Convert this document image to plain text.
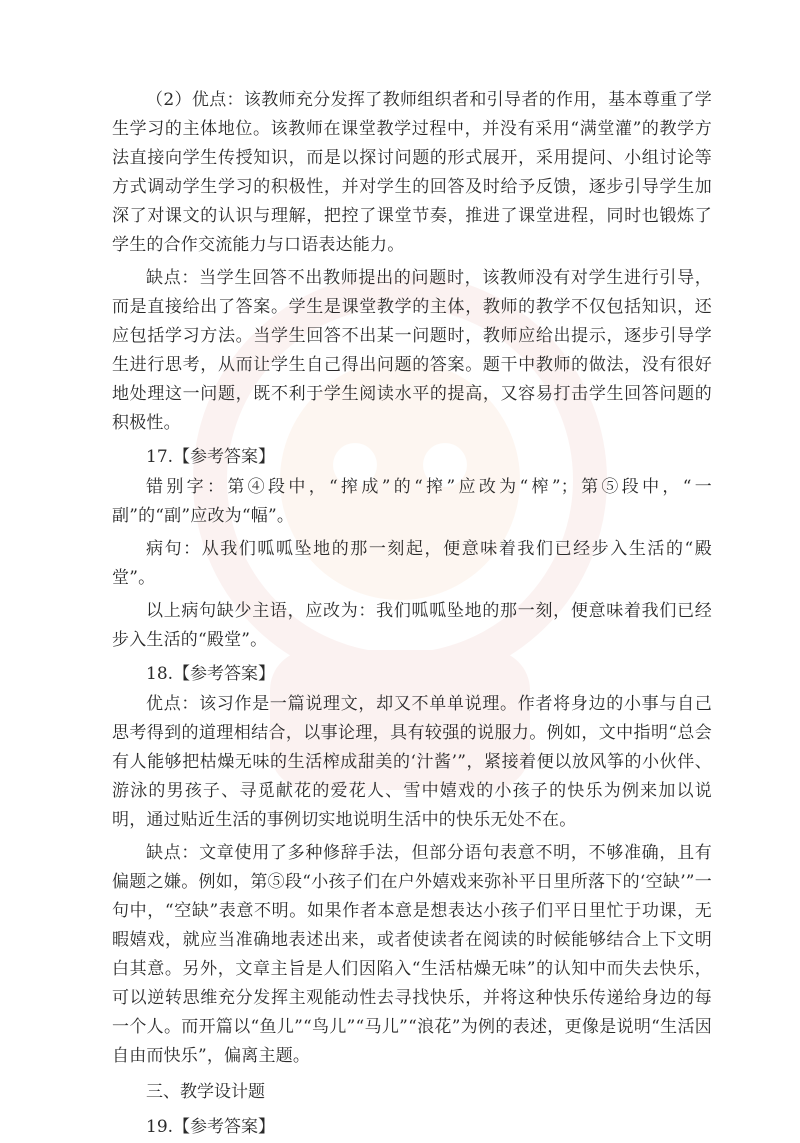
（2）优点：该教师充分发挥了教师组织者和引导者的作用，基本尊重了学生学习的主体地位。该教师在课堂教学过程中，并没有采用“满堂灌”的教学方法直接向学生传授知识，而是以探讨问题的形式展开，采用提问、小组讨论等方式调动学生学习的积极性，并对学生的回答及时给予反馈，逐步引导学生加深了对课文的认识与理解，把控了课堂节奏，推进了课堂进程，同时也锻炼了学生的合作交流能力与口语表达能力。

缺点：当学生回答不出教师提出的问题时，该教师没有对学生进行引导，而是直接给出了答案。学生是课堂教学的主体，教师的教学不仅包括知识，还应包括学习方法。当学生回答不出某一问题时，教师应给出提示，逐步引导学生进行思考，从而让学生自己得出问题的答案。题干中教师的做法，没有很好地处理这一问题，既不利于学生阅读水平的提高，又容易打击学生回答问题的积极性。

17.【参考答案】

错别字：第④段中，“搾成”的“搾”应改为“榨”；第⑤段中，“一副”的“副”应改为“幅”。

病句：从我们呱呱坠地的那一刻起，便意味着我们已经步入生活的“殿堂”。

以上病句缺少主语，应改为：我们呱呱坠地的那一刻，便意味着我们已经步入生活的“殿堂”。

18.【参考答案】

优点：该习作是一篇说理文，却又不单单说理。作者将身边的小事与自己思考得到的道理相结合，以事论理，具有较强的说服力。例如，文中指明“总会有人能够把枯燥无味的生活榨成甜美的‘汁酱’”，紧接着便以放风筝的小伙伴、游泳的男孩子、寻觅献花的爱花人、雪中嬉戏的小孩子的快乐为例来加以说明，通过贴近生活的事例切实地说明生活中的快乐无处不在。

缺点：文章使用了多种修辞手法，但部分语句表意不明，不够准确，且有偏题之嫌。例如，第⑤段“小孩子们在户外嬉戏来弥补平日里所落下的‘空缺’”一句中，“空缺”表意不明。如果作者本意是想表达小孩子们平日里忙于功课，无暇嬉戏，就应当准确地表述出来，或者使读者在阅读的时候能够结合上下文明白其意。另外，文章主旨是人们因陷入“生活枯燥无味”的认知中而失去快乐，可以逆转思维充分发挥主观能动性去寻找快乐，并将这种快乐传递给身边的每一个人。而开篇以“鱼儿”“鸟儿”“马儿”“浪花”为例的表述，更像是说明“生活因自由而快乐”，偏离主题。

三、教学设计题

19.【参考答案】
